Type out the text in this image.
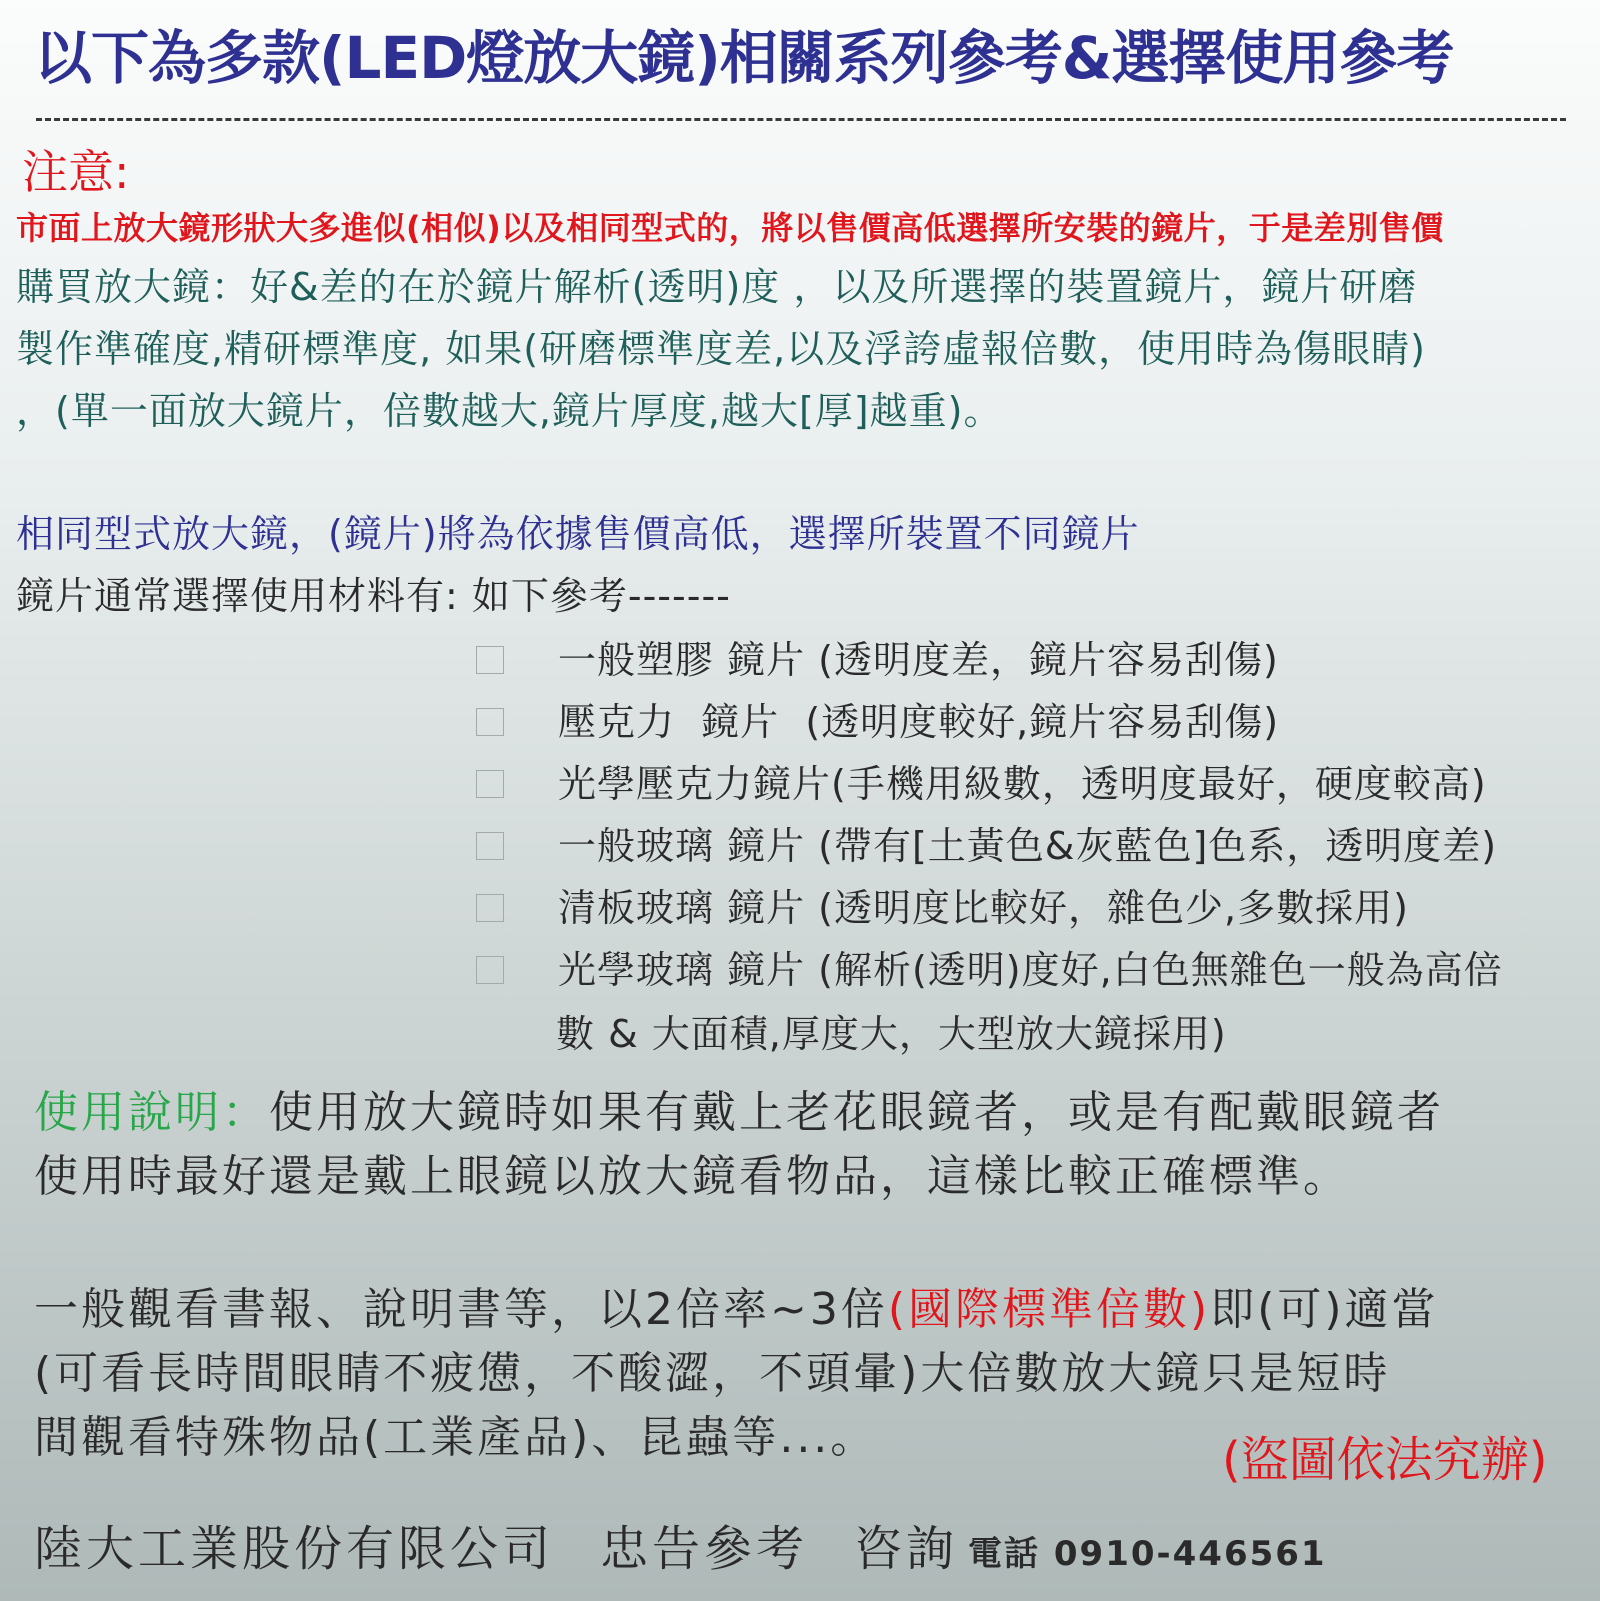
以下為多款(LED燈放大鏡)相關系列參考&選擇使用參考
注意:
市面上放大鏡形狀大多進似(相似)以及相同型式的，將以售價高低選擇所安裝的鏡片，于是差別售價
購買放大鏡：好&差的在於鏡片解析(透明)度 ，以及所選擇的裝置鏡片，鏡片研磨
製作準確度,精研標準度, 如果(研磨標準度差,以及浮誇虛報倍數，使用時為傷眼睛)
，(單一面放大鏡片，倍數越大,鏡片厚度,越大[厚]越重)。
相同型式放大鏡，(鏡片)將為依據售價高低，選擇所裝置不同鏡片
鏡片通常選擇使用材料有: 如下參考-------
一般塑膠 鏡片 (透明度差，鏡片容易刮傷)
壓克力  鏡片  (透明度較好,鏡片容易刮傷)
光學壓克力鏡片(手機用級數，透明度最好，硬度較高)
一般玻璃 鏡片 (帶有[土黃色&灰藍色]色系，透明度差)
清板玻璃 鏡片 (透明度比較好，雜色少,多數採用)
光學玻璃 鏡片 (解析(透明)度好,白色無雜色一般為高倍
數 & 大面積,厚度大，大型放大鏡採用)
使用說明：使用放大鏡時如果有戴上老花眼鏡者，或是有配戴眼鏡者
使用時最好還是戴上眼鏡以放大鏡看物品，這樣比較正確標準。
一般觀看書報、說明書等，以2倍率~3倍(國際標準倍數)即(可)適當
(可看長時間眼睛不疲憊，不酸澀，不頭暈)大倍數放大鏡只是短時
間觀看特殊物品(工業產品)、昆蟲等...。	(盜圖依法究辦)
陸大工業股份有限公司 忠告參考 咨詢 電話 0910-446561
